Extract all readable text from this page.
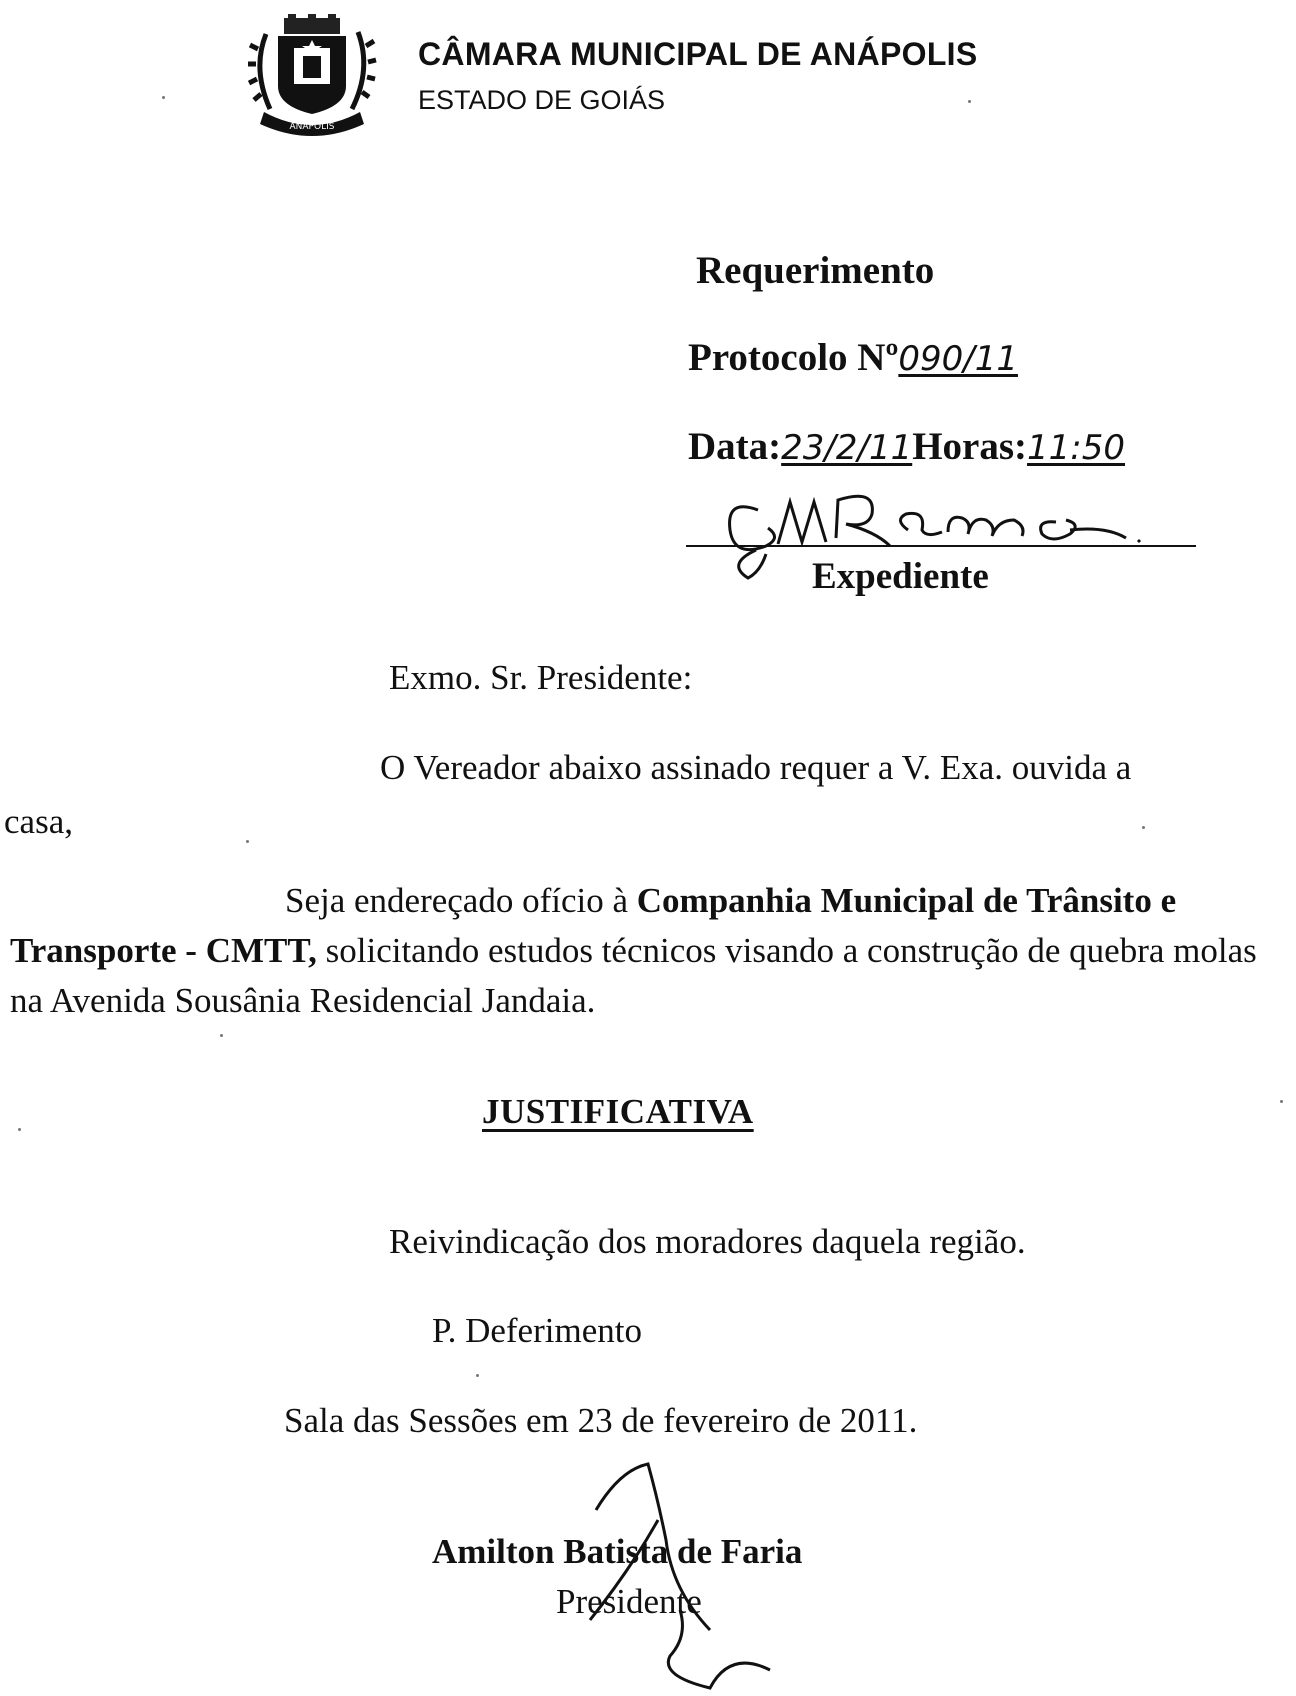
ANÁPOLIS
CÂMARA MUNICIPAL DE ANÁPOLIS
ESTADO DE GOIÁS
Requerimento
Protocolo Nº090/11
Data:23/2/11Horas:11:50
Expediente
Exmo. Sr. Presidente:
O Vereador abaixo assinado requer a V. Exa. ouvida a
casa,
Seja endereçado ofício à Companhia Municipal de Trânsito e Transporte - CMTT, solicitando estudos técnicos visando a construção de quebra molas na Avenida Sousânia Residencial Jandaia.
JUSTIFICATIVA
Reivindicação dos moradores daquela região.
P. Deferimento
Sala das Sessões em 23 de fevereiro de 2011.
Amilton Batista de Faria
Presidente
